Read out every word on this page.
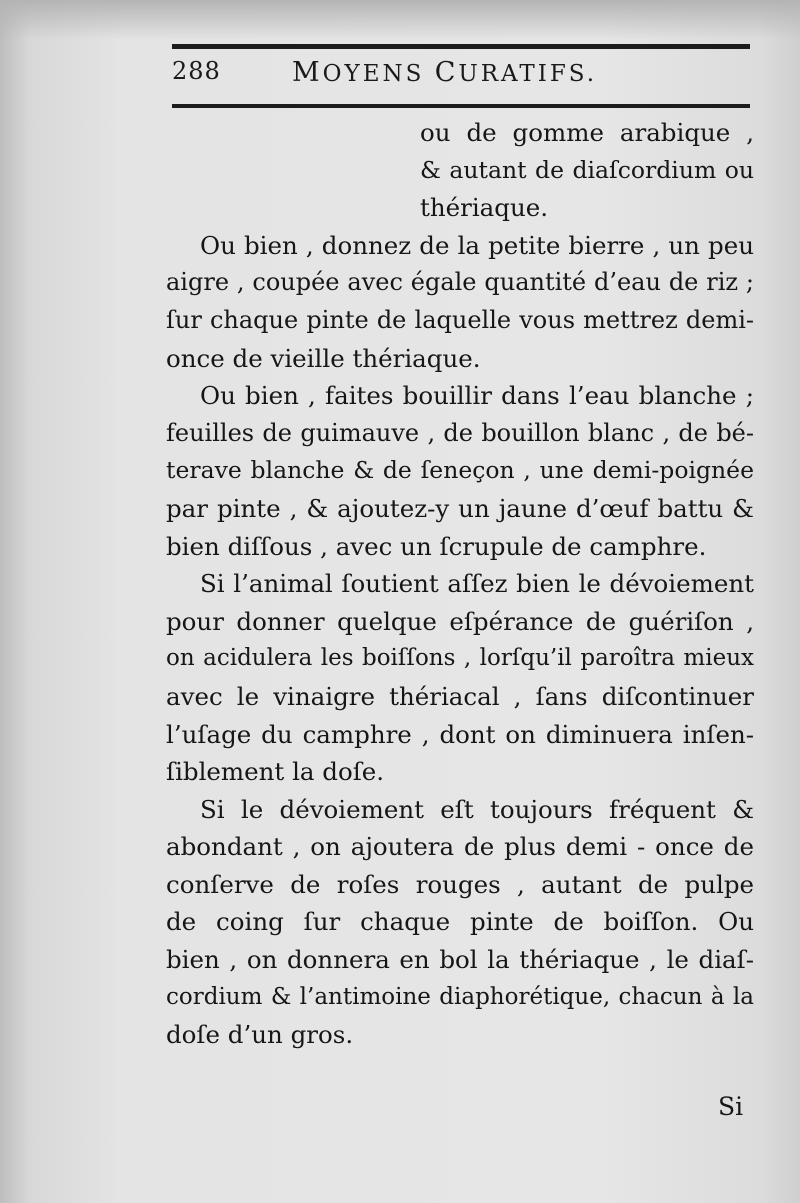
288	MOYENS CURATIFS.
ou de gomme arabique ,
& autant de diaſcordium ou
thériaque.
Ou bien , donnez de la petite bierre , un peu
aigre , coupée avec égale quantité d’eau de riz ;
ſur chaque pinte de laquelle vous mettrez demi-
once de vieille thériaque.
Ou bien , faites bouillir dans l’eau blanche ;
feuilles de guimauve , de bouillon blanc , de bé-
terave blanche & de ſeneçon , une demi-poignée
par pinte , & ajoutez-y un jaune d’œuf battu &
bien diſſous , avec un ſcrupule de camphre.
Si l’animal ſoutient aſſez bien le dévoiement
pour donner quelque eſpérance de guériſon ,
on acidulera les boiſſons , lorſqu’il paroîtra mieux
avec le vinaigre thériacal , ſans diſcontinuer
l’uſage du camphre , dont on diminuera inſen-
ſiblement la doſe.
Si le dévoiement eſt toujours fréquent &
abondant , on ajoutera de plus demi - once de
conſerve de roſes rouges , autant de pulpe
de coing ſur chaque pinte de boiſſon. Ou
bien , on donnera en bol la thériaque , le diaſ-
cordium & l’antimoine diaphorétique, chacun à la
doſe d’un gros.
Si
